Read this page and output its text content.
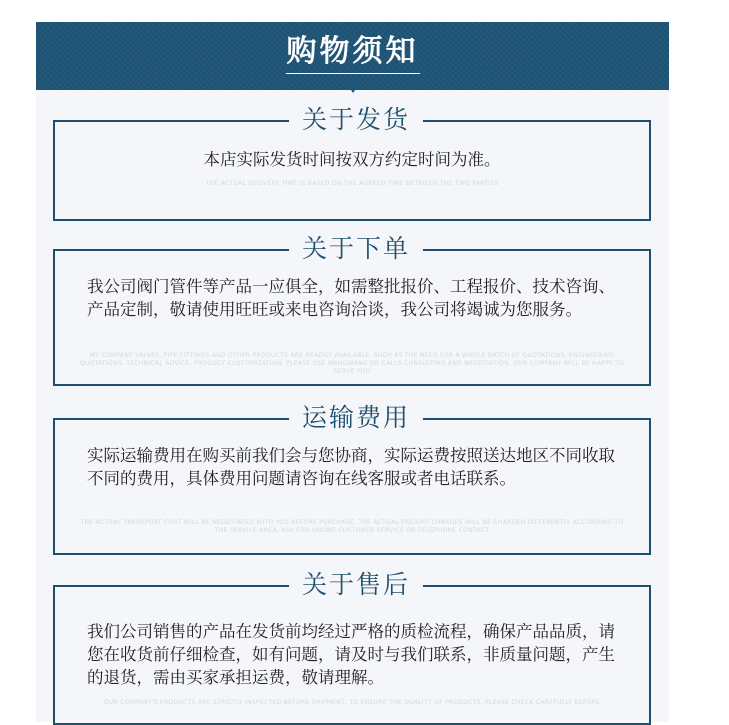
购物须知
关于发货
本店实际发货时间按双方约定时间为准。
THE ACTUAL DELIVERY TIME IS BASED ON THE AGREED TIME BETWEEN THE TWO PARTIES
关于下单
我公司阀门管件等产品一应俱全，如需整批报价、工程报价、技术咨询、产品定制，敬请使用旺旺或来电咨询洽谈，我公司将竭诚为您服务。
MY COMPANY VALVES, PIPE FITTINGS AND OTHER PRODUCTS ARE READILY AVAILABLE, SUCH AS THE NEED FOR A WHOLE BATCH OF QUOTATIONS, ENGINEERING QUOTATIONS, TECHNICAL ADVICE, PRODUCT CUSTOMIZATION, PLEASE USE WANGWANG OR CALLS CONSULTING AND NEGOTIATION, OUR COMPANY WILL BE HAPPY TO SERVE YOU
运输费用
实际运输费用在购买前我们会与您协商，实际运费按照送达地区不同收取不同的费用，具体费用问题请咨询在线客服或者电话联系。
THE ACTUAL TRANSPORT COST WILL BE NEGOTIATED WITH YOU BEFORE PURCHASE, THE ACTUAL FREIGHT CHARGES WILL BE CHARGED DIFFERENTLY ACCORDING TO THE SERVICE AREA, ASK FOR ONLINE CUSTOMER SERVICE OR TELEPHONE CONTACT
关于售后
我们公司销售的产品在发货前均经过严格的质检流程，确保产品品质，请您在收货前仔细检查，如有问题，请及时与我们联系，非质量问题，产生的退货，需由买家承担运费，敬请理解。
OUR COMPANY'S PRODUCTS ARE STRICTLY INSPECTED BEFORE SHIPMENT, TO ENSURE THE QUALITY OF PRODUCTS, PLEASE CHECK CAREFULLY BEFORE
